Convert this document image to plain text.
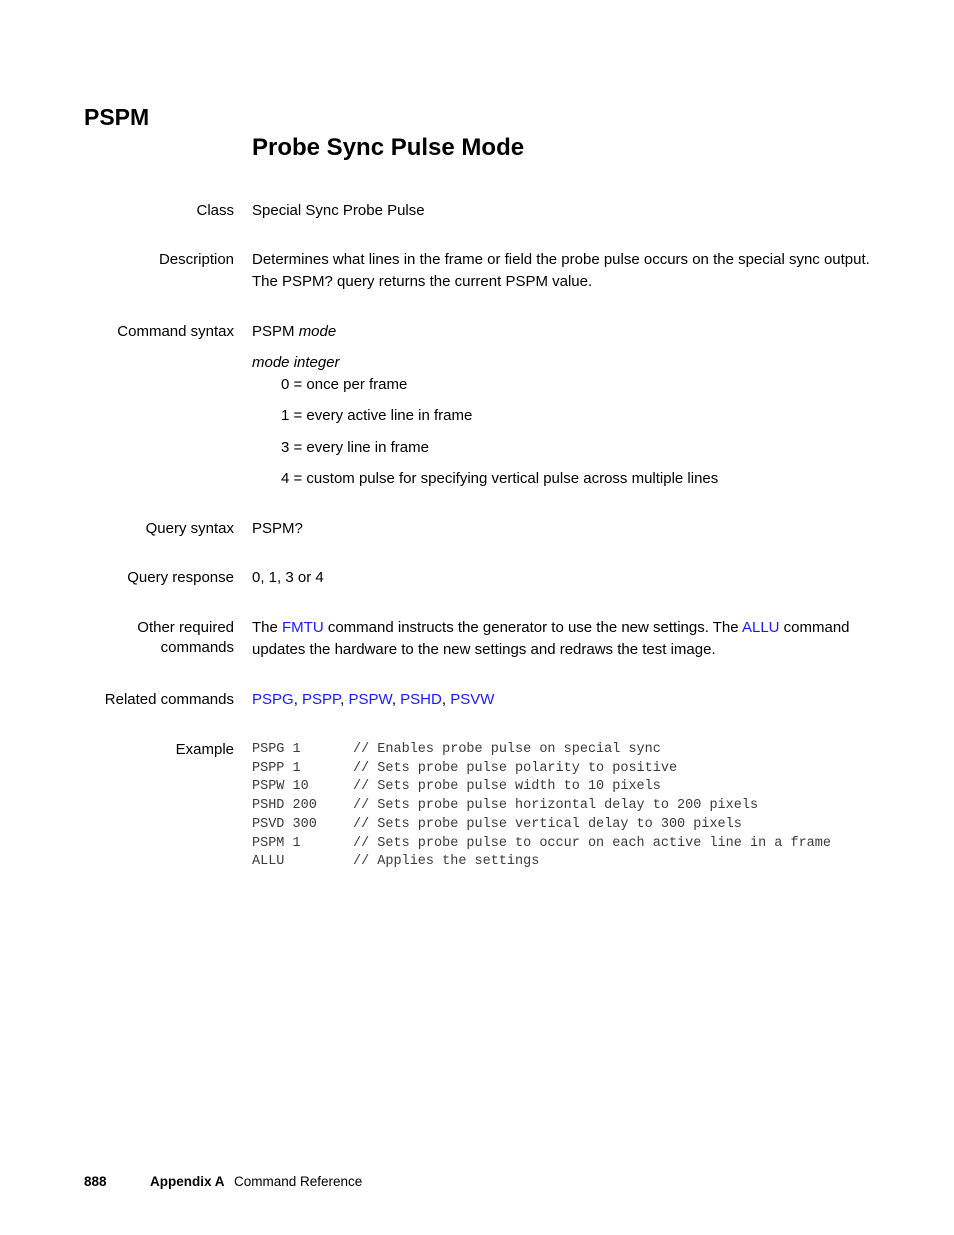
PSPM
Probe Sync Pulse Mode
Class Special Sync Probe Pulse
Description Determines what lines in the frame or field the probe pulse occurs on the special sync output. The PSPM? query returns the current PSPM value.
Command syntax PSPM mode
mode integer
0 = once per frame
1 = every active line in frame
3 = every line in frame
4 = custom pulse for specifying vertical pulse across multiple lines
Query syntax PSPM?
Query response 0, 1, 3 or 4
Other required
commands
The FMTU command instructs the generator to use the new settings. The ALLU command updates the hardware to the new settings and redraws the test image.
Related commands PSPG, PSPP, PSPW, PSHD, PSVW
Example PSPG 1	// Enables probe pulse on special sync
PSPP 1	// Sets probe pulse polarity to positive
PSPW 10	// Sets probe pulse width to 10 pixels
PSHD 200	// Sets probe pulse horizontal delay to 200 pixels
PSVD 300	// Sets probe pulse vertical delay to 300 pixels
PSPM 1	// Sets probe pulse to occur on each active line in a frame
ALLU	// Applies the settings
888	Appendix A Command Reference
